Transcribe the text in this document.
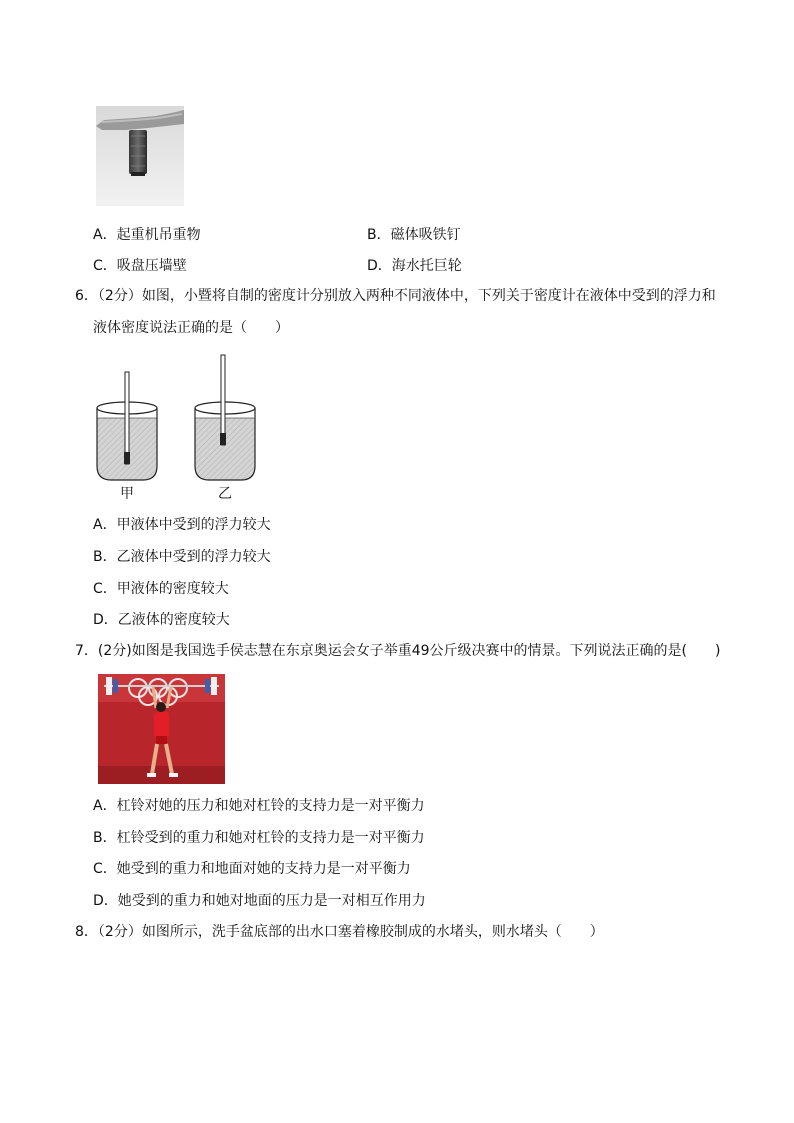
A．起重机吊重物	B．磁体吸铁钉
C．吸盘压墙壁	D．海水托巨轮
6．（2分）如图，小暨将自制的密度计分别放入两种不同液体中，下列关于密度计在液体中受到的浮力和
液体密度说法正确的是（　　）
甲	乙
A．甲液体中受到的浮力较大
B．乙液体中受到的浮力较大
C．甲液体的密度较大
D．乙液体的密度较大
7．(2分)如图是我国选手侯志慧在东京奥运会女子举重49公斤级决赛中的情景。下列说法正确的是(　　)
A．杠铃对她的压力和她对杠铃的支持力是一对平衡力
B．杠铃受到的重力和她对杠铃的支持力是一对平衡力
C．她受到的重力和地面对她的支持力是一对平衡力
D．她受到的重力和她对地面的压力是一对相互作用力
8．（2分）如图所示，洗手盆底部的出水口塞着橡胶制成的水堵头，则水堵头（　　）
